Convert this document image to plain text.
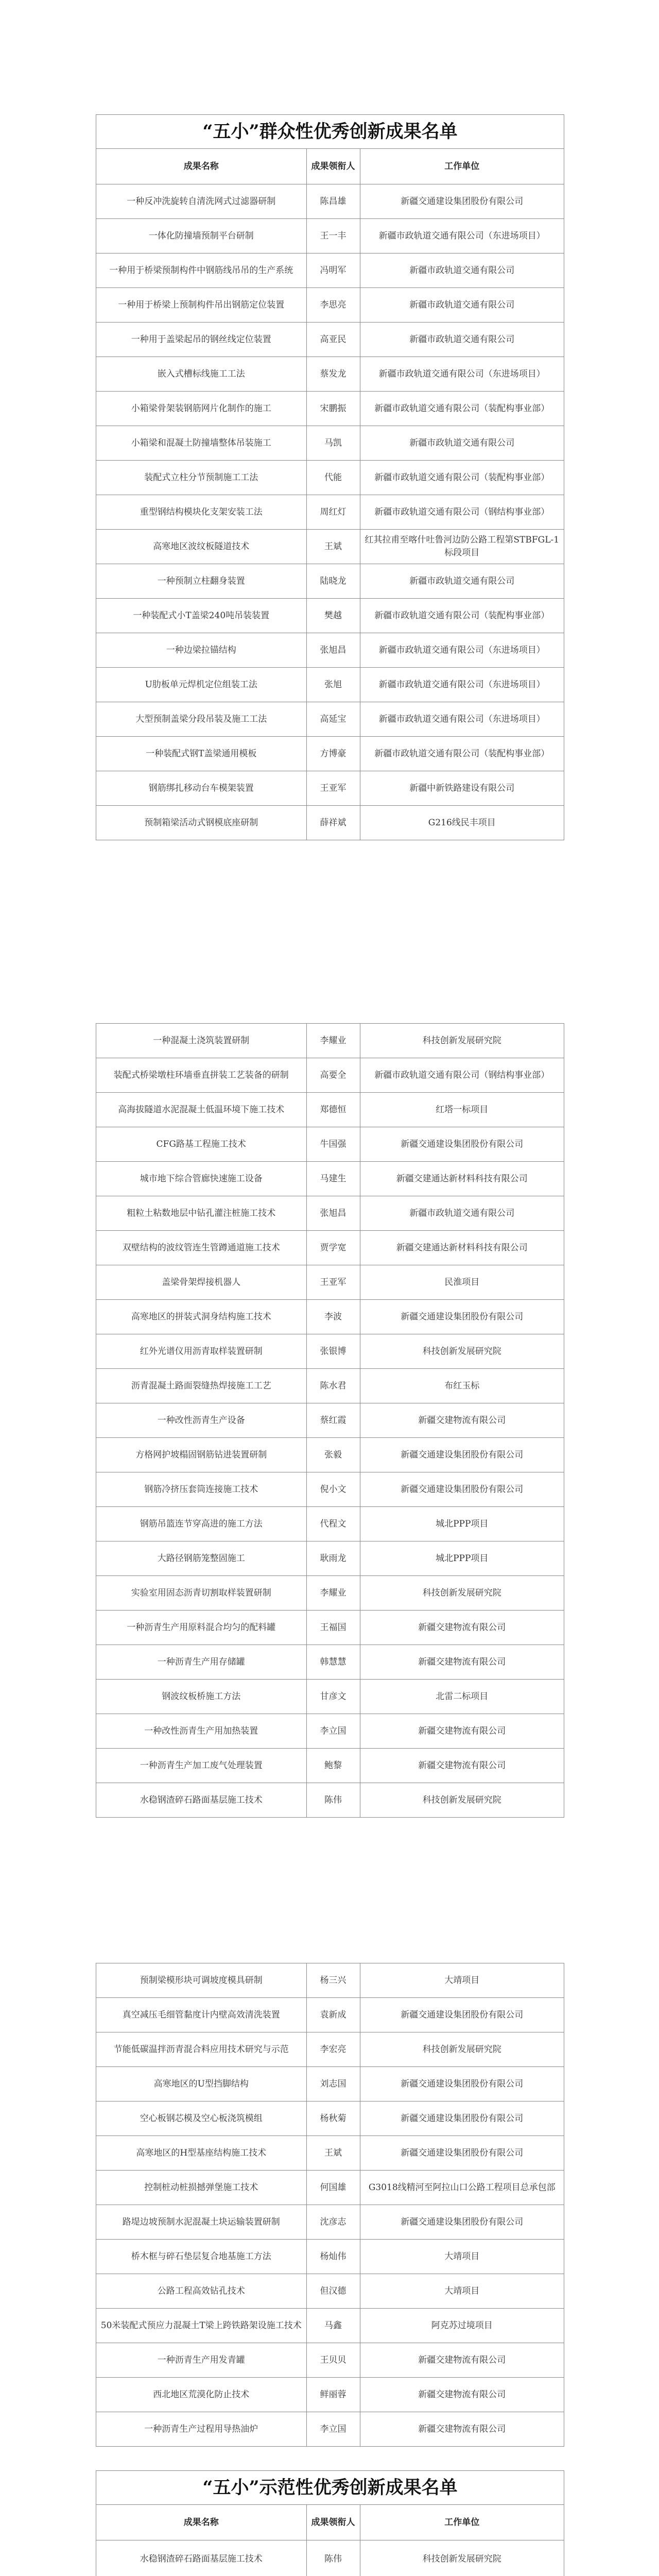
“五小”群众性优秀创新成果名单
成果名称	成果领衔人	工作单位
一种反冲洗旋转自清洗网式过滤器研制	陈昌雄	新疆交通建设集团股份有限公司
一体化防撞墙预制平台研制	王一丰	新疆市政轨道交通有限公司（东进场项目）
一种用于桥梁预制构件中钢筋线吊吊的生产系统	冯明军	新疆市政轨道交通有限公司
一种用于桥梁上预制构件吊出钢筋定位装置	李思亮	新疆市政轨道交通有限公司
一种用于盖梁起吊的钢丝线定位装置	高亚民	新疆市政轨道交通有限公司
嵌入式槽标线施工工法	蔡发龙	新疆市政轨道交通有限公司（东进场项目）
小箱梁骨架装钢筋网片化制作的施工	宋鹏振	新疆市政轨道交通有限公司（装配构事业部）
小箱梁和混凝土防撞墙整体吊装施工	马凯	新疆市政轨道交通有限公司
装配式立柱分节预制施工工法	代能	新疆市政轨道交通有限公司（装配构事业部）
重型钢结构模块化支架安装工法	周红灯	新疆市政轨道交通有限公司（钢结构事业部）
高寒地区波纹板隧道技术	王斌	红其拉甫至喀什吐鲁河边防公路工程第STBFGL-1标段项目
一种预制立柱翻身装置	陆晓龙	新疆市政轨道交通有限公司
一种装配式小T盖梁240吨吊装装置	樊越	新疆市政轨道交通有限公司（装配构事业部）
一种边梁拉锚结构	张旭昌	新疆市政轨道交通有限公司（东进场项目）
U肋板单元焊机定位组装工法	张旭	新疆市政轨道交通有限公司（东进场项目）
大型预制盖梁分段吊装及施工工法	高延宝	新疆市政轨道交通有限公司（东进场项目）
一种装配式钢T盖梁通用模板	方博豪	新疆市政轨道交通有限公司（装配构事业部）
钢筋绑扎移动台车模架装置	王亚军	新疆中新铁路建设有限公司
预制箱梁活动式钢模底座研制	薛祥斌	G216线民丰项目
一种混凝土浇筑装置研制	李耀业	科技创新发展研究院
装配式桥梁墩柱环墙垂直拼装工艺装备的研制	高要全	新疆市政轨道交通有限公司（钢结构事业部）
高海拔隧道水泥混凝土低温环境下施工技术	郑德恒	红塔一标项目
CFG路基工程施工技术	牛国强	新疆交通建设集团股份有限公司
城市地下综合管廊快速施工设备	马建生	新疆交建通达新材料科技有限公司
粗粒土粘数地层中钻孔灌注桩施工技术	张旭昌	新疆市政轨道交通有限公司
双壁结构的波纹管连生管蹲通道施工技术	贾学宽	新疆交建通达新材料科技有限公司
盖梁骨架焊接机器人	王亚军	民淮项目
高寒地区的拼装式洞身结构施工技术	李波	新疆交通建设集团股份有限公司
红外光谱仪用沥青取样装置研制	张银博	科技创新发展研究院
沥青混凝土路面裂缝热焊接施工工艺	陈水君	布红玉标
一种改性沥青生产设备	蔡红霞	新疆交建物流有限公司
方格网护坡榻固钢筋钻进装置研制	张毅	新疆交通建设集团股份有限公司
钢筋冷挤压套筒连接施工技术	倪小文	新疆交通建设集团股份有限公司
钢筋吊篮连节穿高进的施工方法	代程文	城北PPP项目
大路径钢筋笼整固施工	耿雨龙	城北PPP项目
实验室用固态沥青切割取样装置研制	李耀业	科技创新发展研究院
一种沥青生产用原料混合均匀的配料罐	王福国	新疆交建物流有限公司
一种沥青生产用存储罐	韩慧慧	新疆交建物流有限公司
钢波纹板桥施工方法	甘彦文	北雷二标项目
一种改性沥青生产用加热装置	李立国	新疆交建物流有限公司
一种沥青生产加工废气处理装置	鲍黎	新疆交建物流有限公司
水稳钢渣碎石路面基层施工技术	陈伟	科技创新发展研究院
预制梁模形块可调坡度模具研制	杨三兴	大靖项目
真空减压毛细管黏度计内壁高效清洗装置	袁新成	新疆交通建设集团股份有限公司
节能低碳温拌沥青混合料应用技术研究与示范	李宏亮	科技创新发展研究院
高寒地区的U型挡脚结构	刘志国	新疆交通建设集团股份有限公司
空心板钢芯模及空心板浇筑模组	杨秋菊	新疆交通建设集团股份有限公司
高寒地区的H型基座结构施工技术	王斌	新疆交通建设集团股份有限公司
控制桩动桩损撼弹堡施工技术	何国雄	G3018线精河至阿拉山口公路工程项目总承包部
路堤边坡预制水泥混凝土块运输装置研制	沈彦志	新疆交通建设集团股份有限公司
桥木框与碎石垫层复合地基施工方法	杨灿伟	大靖项目
公路工程高效钻孔技术	但汉德	大靖项目
50米装配式预应力混凝土T梁上跨铁路架设施工技术	马鑫	阿克苏过境项目
一种沥青生产用发青罐	王贝贝	新疆交建物流有限公司
西北地区荒漠化防止技术	鲜丽蓉	新疆交建物流有限公司
一种沥青生产过程用导热油炉	李立国	新疆交建物流有限公司
“五小”示范性优秀创新成果名单
成果名称	成果领衔人	工作单位
水稳钢渣碎石路面基层施工技术	陈伟	科技创新发展研究院
